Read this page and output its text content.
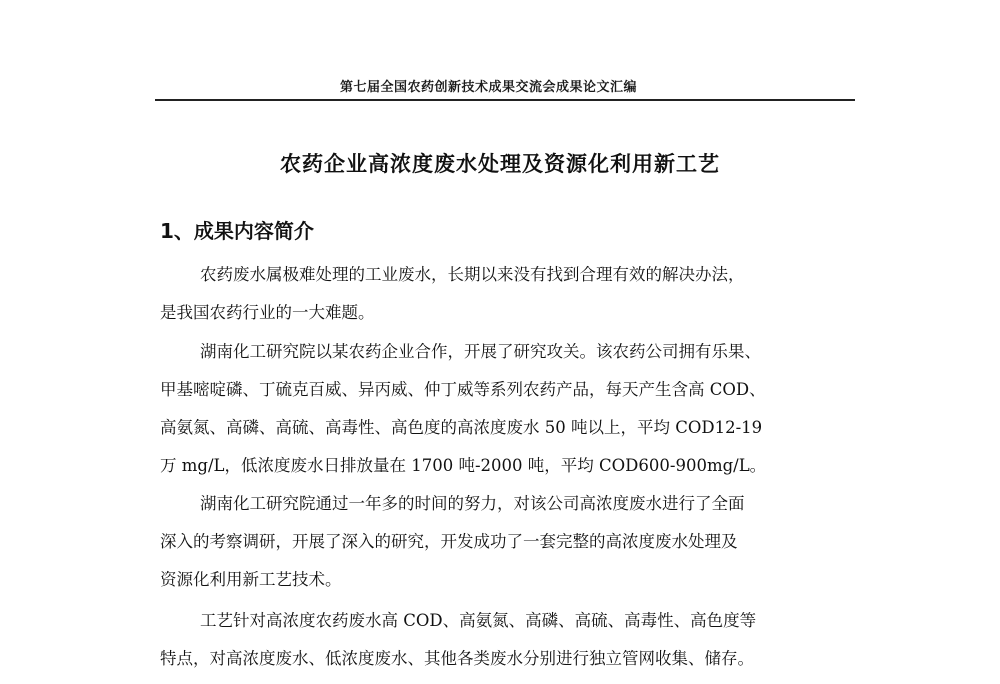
第七届全国农药创新技术成果交流会成果论文汇编
农药企业高浓度废水处理及资源化利用新工艺
1、成果内容简介
农药废水属极难处理的工业废水，长期以来没有找到合理有效的解决办法，
是我国农药行业的一大难题。
湖南化工研究院以某农药企业合作，开展了研究攻关。该农药公司拥有乐果、
甲基嘧啶磷、丁硫克百威、异丙威、仲丁威等系列农药产品，每天产生含高 COD、
高氨氮、高磷、高硫、高毒性、高色度的高浓度废水 50 吨以上，平均 COD12-19
万 mg/L，低浓度废水日排放量在 1700 吨-2000 吨，平均 COD600-900mg/L。
湖南化工研究院通过一年多的时间的努力，对该公司高浓度废水进行了全面
深入的考察调研，开展了深入的研究，开发成功了一套完整的高浓度废水处理及
资源化利用新工艺技术。
工艺针对高浓度农药废水高 COD、高氨氮、高磷、高硫、高毒性、高色度等
特点，对高浓度废水、低浓度废水、其他各类废水分别进行独立管网收集、储存。
